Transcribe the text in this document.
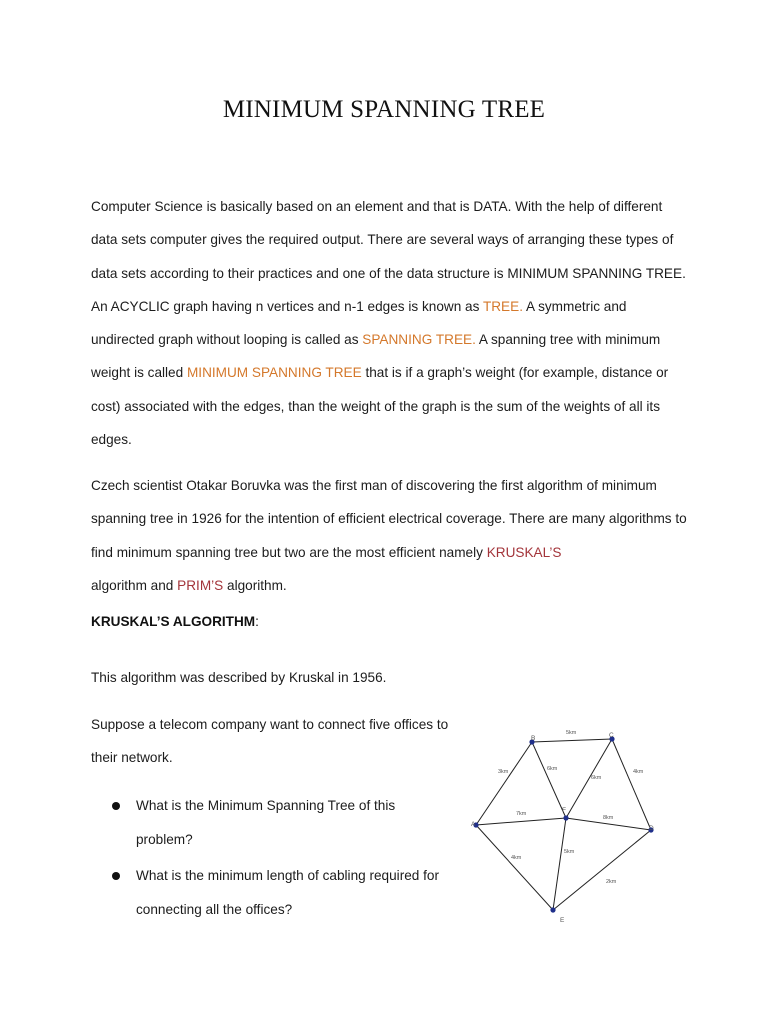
MINIMUM SPANNING TREE
Computer Science is basically based on an element and that is DATA. With the help of different data sets computer gives the required output. There are several ways of arranging these types of data sets according to their practices and one of the data structure is MINIMUM SPANNING TREE. An ACYCLIC graph having n vertices and n-1 edges is known as TREE. A symmetric and undirected graph without looping is called as SPANNING TREE. A spanning tree with minimum weight is called MINIMUM SPANNING TREE that is if a graph’s weight (for example, distance or cost) associated with the edges, than the weight of the graph is the sum of the weights of all its edges.
Czech scientist Otakar Boruvka was the first man of discovering the first algorithm of minimum spanning tree in 1926 for the intention of efficient electrical coverage. There are many algorithms to find minimum spanning tree but two are the most efficient namely KRUSKAL’S
algorithm and PRIM’S algorithm.
KRUSKAL’S ALGORITHM:
This algorithm was described by Kruskal in 1956.
Suppose a telecom company want to connect five offices to their network.
What is the Minimum Spanning Tree of this problem?
What is the minimum length of cabling required for connecting all the offices?
A
B	C
D
E
F
5km
3km	6km
6km
4km
7km
8km
4km
5km
2km
